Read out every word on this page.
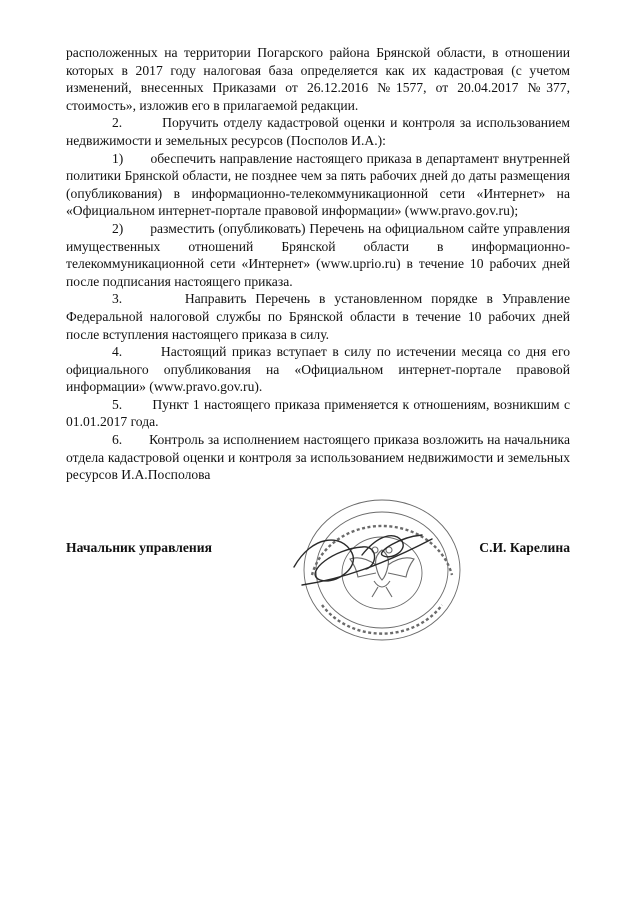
расположенных на территории Погарского района Брянской области, в отношении которых в 2017 году налоговая база определяется как их кадастровая (с учетом изменений, внесенных Приказами от 26.12.2016 №1577, от 20.04.2017 №377, стоимость», изложив его в прилагаемой редакции.

2.        Поручить отделу кадастровой оценки и контроля за использованием недвижимости и земельных ресурсов (Посполов И.А.):

1)       обеспечить направление настоящего приказа в департамент внутренней политики Брянской области, не позднее чем за пять рабочих дней до даты размещения (опубликования) в информационно-телекоммуникационной сети «Интернет» на «Официальном интернет-портале правовой информации» (www.pravo.gov.ru);

2)       разместить (опубликовать) Перечень на официальном сайте управления имущественных отношений Брянской области в информационно-телекоммуникационной сети «Интернет» (www.uprio.ru) в течение 10 рабочих дней после подписания настоящего приказа.

3.       Направить Перечень в установленном порядке в Управление Федеральной налоговой службы по Брянской области в течение 10 рабочих дней после вступления настоящего приказа в силу.

4.       Настоящий приказ вступает в силу по истечении месяца со дня его официального опубликования на «Официальном интернет-портале правовой информации» (www.pravo.gov.ru).

5.       Пункт 1 настоящего приказа применяется к отношениям, возникшим с 01.01.2017 года.

6.       Контроль за исполнением настоящего приказа возложить на начальника отдела кадастровой оценки и контроля за использованием недвижимости и земельных ресурсов И.А.Посполова

Начальник управления	С.И. Карелина
